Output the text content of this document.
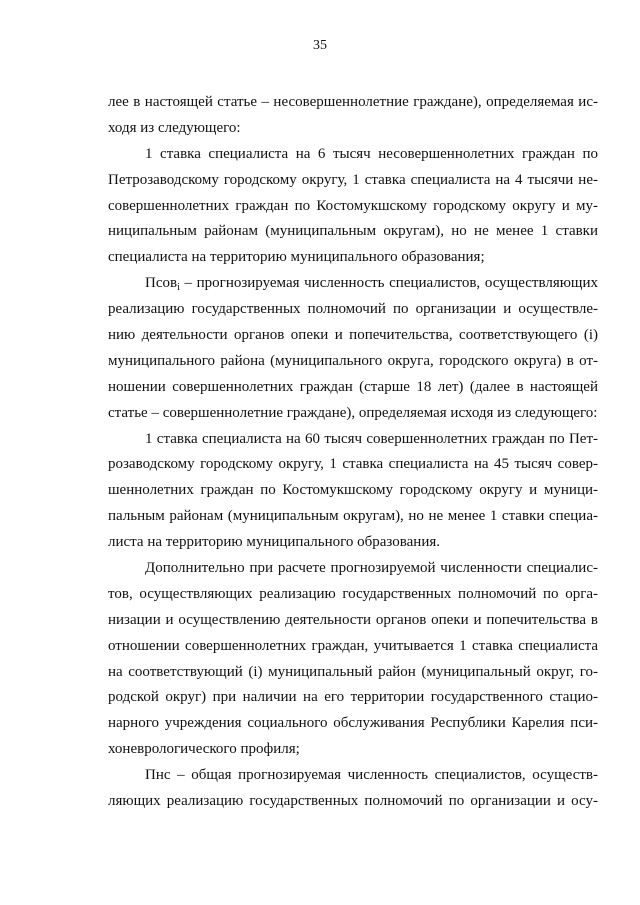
35
лее в настоящей статье – несовершеннолетние граждане), определяемая ис-
ходя из следующего:
1 ставка специалиста на 6 тысяч несовершеннолетних граждан по
Петрозаводскому городскому округу, 1 ставка специалиста на 4 тысячи не-
совершеннолетних граждан по Костомукшскому городскому округу и му-
ниципальным районам (муниципальным округам), но не менее 1 ставки
специалиста на территорию муниципального образования;
Псов$_i$ – прогнозируемая численность специалистов, осуществляющих
реализацию государственных полномочий по организации и осуществле-
нию деятельности органов опеки и попечительства, соответствующего (i)
муниципального района (муниципального округа, городского округа) в от-
ношении совершеннолетних граждан (старше 18 лет) (далее в настоящей
статье – совершеннолетние граждане), определяемая исходя из следующего:
1 ставка специалиста на 60 тысяч совершеннолетних граждан по Пет-
розаводскому городскому округу, 1 ставка специалиста на 45 тысяч совер-
шеннолетних граждан по Костомукшскому городскому округу и муници-
пальным районам (муниципальным округам), но не менее 1 ставки специа-
листа на территорию муниципального образования.
Дополнительно при расчете прогнозируемой численности специалис-
тов, осуществляющих реализацию государственных полномочий по орга-
низации и осуществлению деятельности органов опеки и попечительства в
отношении совершеннолетних граждан, учитывается 1 ставка специалиста
на соответствующий (i) муниципальный район (муниципальный округ, го-
родской округ) при наличии на его территории государственного стацио-
нарного учреждения социального обслуживания Республики Карелия пси-
хоневрологического профиля;
Пнс – общая прогнозируемая численность специалистов, осуществ-
ляющих реализацию государственных полномочий по организации и осу-
